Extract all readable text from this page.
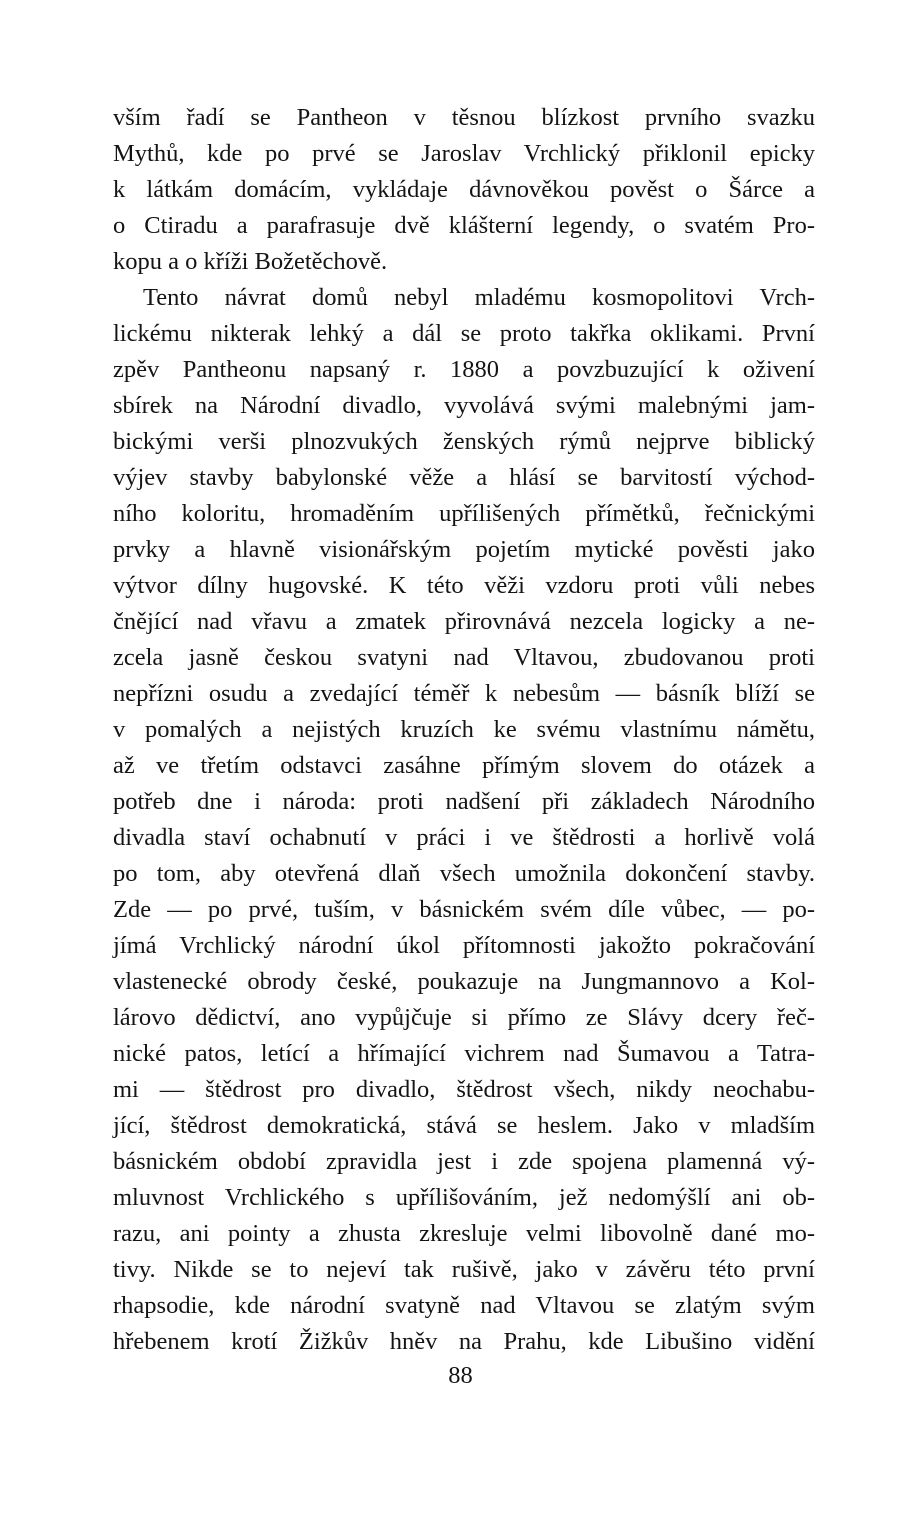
vším řadí se Pantheon v těsnou blízkost prvního svazku
Mythů, kde po prvé se Jaroslav Vrchlický přiklonil epicky
k látkám domácím, vykládaje dávnověkou pověst o Šárce a
o Ctiradu a parafrasuje dvě klášterní legendy, o svatém Pro-
kopu a o kříži Božetěchově.
Tento návrat domů nebyl mladému kosmopolitovi Vrch-
lickému nikterak lehký a dál se proto takřka oklikami. První
zpěv Pantheonu napsaný r. 1880 a povzbuzující k oživení
sbírek na Národní divadlo, vyvolává svými malebnými jam-
bickými verši plnozvukých ženských rýmů nejprve biblický
výjev stavby babylonské věže a hlásí se barvitostí východ-
ního koloritu, hromaděním upřílišených přímětků, řečnickými
prvky a hlavně visionářským pojetím mytické pověsti jako
výtvor dílny hugovské. K této věži vzdoru proti vůli nebes
čnějící nad vřavu a zmatek přirovnává nezcela logicky a ne-
zcela jasně českou svatyni nad Vltavou, zbudovanou proti
nepřízni osudu a zvedající téměř k nebesům — básník blíží se
v pomalých a nejistých kruzích ke svému vlastnímu námětu,
až ve třetím odstavci zasáhne přímým slovem do otázek a
potřeb dne i národa: proti nadšení při základech Národního
divadla staví ochabnutí v práci i ve štědrosti a horlivě volá
po tom, aby otevřená dlaň všech umožnila dokončení stavby.
Zde — po prvé, tuším, v básnickém svém díle vůbec, — po-
jímá Vrchlický národní úkol přítomnosti jakožto pokračování
vlastenecké obrody české, poukazuje na Jungmannovo a Kol-
lárovo dědictví, ano vypůjčuje si přímo ze Slávy dcery řeč-
nické patos, letící a hřímající vichrem nad Šumavou a Tatra-
mi — štědrost pro divadlo, štědrost všech, nikdy neochabu-
jící, štědrost demokratická, stává se heslem. Jako v mladším
básnickém období zpravidla jest i zde spojena plamenná vý-
mluvnost Vrchlického s upřílišováním, jež nedomýšlí ani ob-
razu, ani pointy a zhusta zkresluje velmi libovolně dané mo-
tivy. Nikde se to nejeví tak rušivě, jako v závěru této první
rhapsodie, kde národní svatyně nad Vltavou se zlatým svým
hřebenem krotí Žižkův hněv na Prahu, kde Libušino vidění
88
